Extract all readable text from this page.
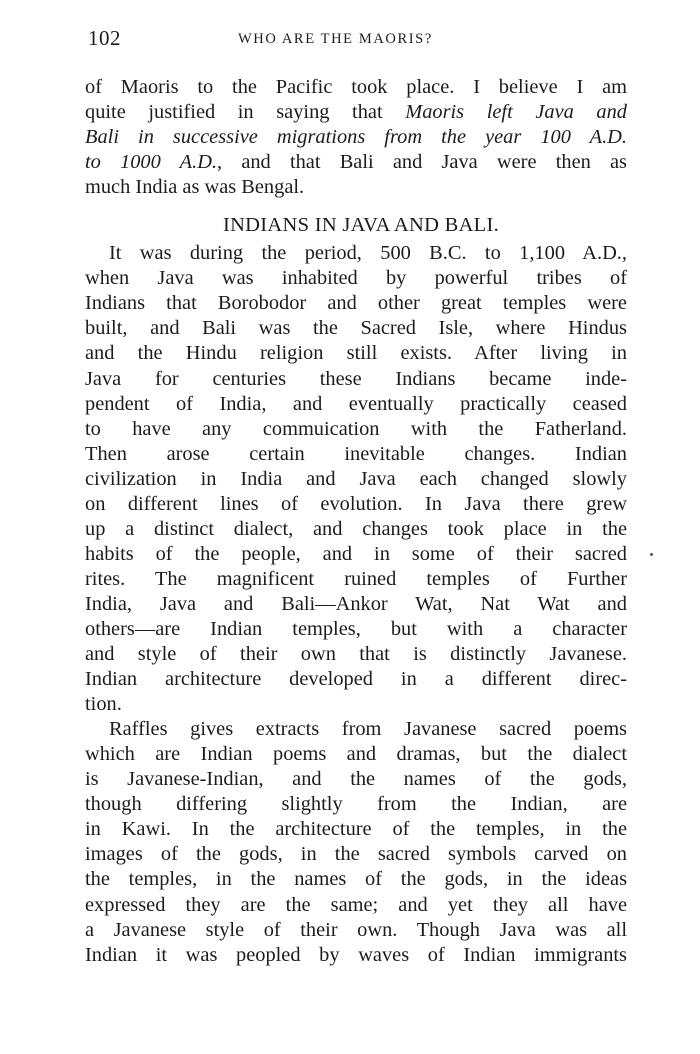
102	WHO ARE THE MAORIS?
of Maoris to the Pacific took place. I believe I am
quite justified in saying that Maoris left Java and
Bali in successive migrations from the year 100 A.D.
to 1000 A.D., and that Bali and Java were then as
much India as was Bengal.
INDIANS IN JAVA AND BALI.
It was during the period, 500 B.C. to 1,100 A.D.,
when Java was inhabited by powerful tribes of
Indians that Borobodor and other great temples were
built, and Bali was the Sacred Isle, where Hindus
and the Hindu religion still exists. After living in
Java for centuries these Indians became inde-
pendent of India, and eventually practically ceased
to have any commuication with the Fatherland.
Then arose certain inevitable changes. Indian
civilization in India and Java each changed slowly
on different lines of evolution. In Java there grew
up a distinct dialect, and changes took place in the
habits of the people, and in some of their sacred
rites. The magnificent ruined temples of Further
India, Java and Bali—Ankor Wat, Nat Wat and
others—are Indian temples, but with a character
and style of their own that is distinctly Javanese.
Indian architecture developed in a different direc-
tion.
Raffles gives extracts from Javanese sacred poems
which are Indian poems and dramas, but the dialect
is Javanese-Indian, and the names of the gods,
though differing slightly from the Indian, are
in Kawi. In the architecture of the temples, in the
images of the gods, in the sacred symbols carved on
the temples, in the names of the gods, in the ideas
expressed they are the same; and yet they all have
a Javanese style of their own. Though Java was all
Indian it was peopled by waves of Indian immigrants
